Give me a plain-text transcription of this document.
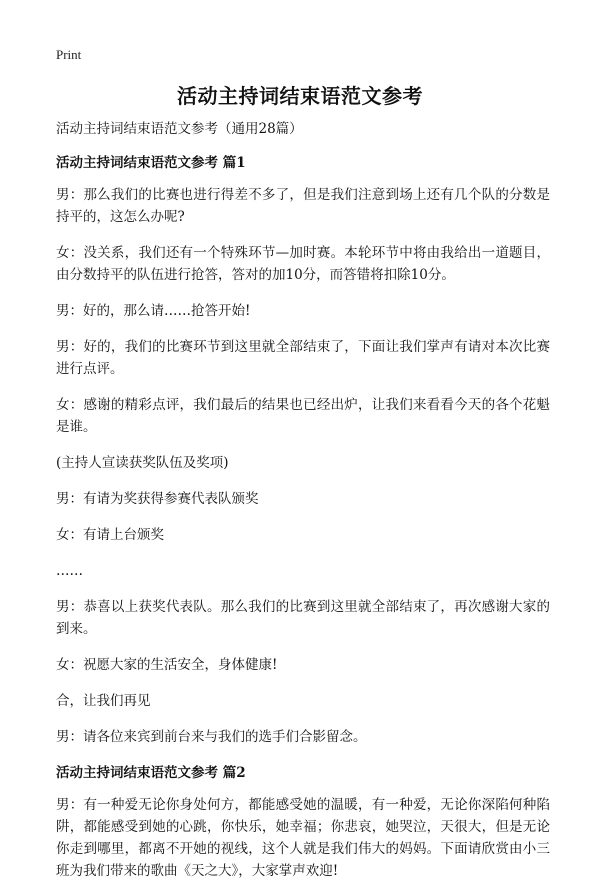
Print
活动主持词结束语范文参考

活动主持词结束语范文参考（通用28篇）

活动主持词结束语范文参考 篇1

男：那么我们的比赛也进行得差不多了，但是我们注意到场上还有几个队的分数是持平的，这怎么办呢?

女：没关系，我们还有一个特殊环节—加时赛。本轮环节中将由我给出一道题目，由分数持平的队伍进行抢答，答对的加10分，而答错将扣除10分。

男：好的，那么请……抢答开始!

男：好的，我们的比赛环节到这里就全部结束了，下面让我们掌声有请对本次比赛进行点评。

女：感谢的精彩点评，我们最后的结果也已经出炉，让我们来看看今天的各个花魁是谁。

(主持人宣读获奖队伍及奖项)

男：有请为奖获得参赛代表队颁奖

女：有请上台颁奖

……

男：恭喜以上获奖代表队。那么我们的比赛到这里就全部结束了，再次感谢大家的到来。

女：祝愿大家的生活安全，身体健康!

合，让我们再见

男：请各位来宾到前台来与我们的选手们合影留念。

活动主持词结束语范文参考 篇2

男：有一种爱无论你身处何方，都能感受她的温暖，有一种爱，无论你深陷何种陷阱，都能感受到她的心跳，你快乐，她幸福；你悲哀，她哭泣，天很大，但是无论你走到哪里，都离不开她的视线，这个人就是我们伟大的妈妈。下面请欣赏由小三班为我们带来的歌曲《天之大》，大家掌声欢迎!
